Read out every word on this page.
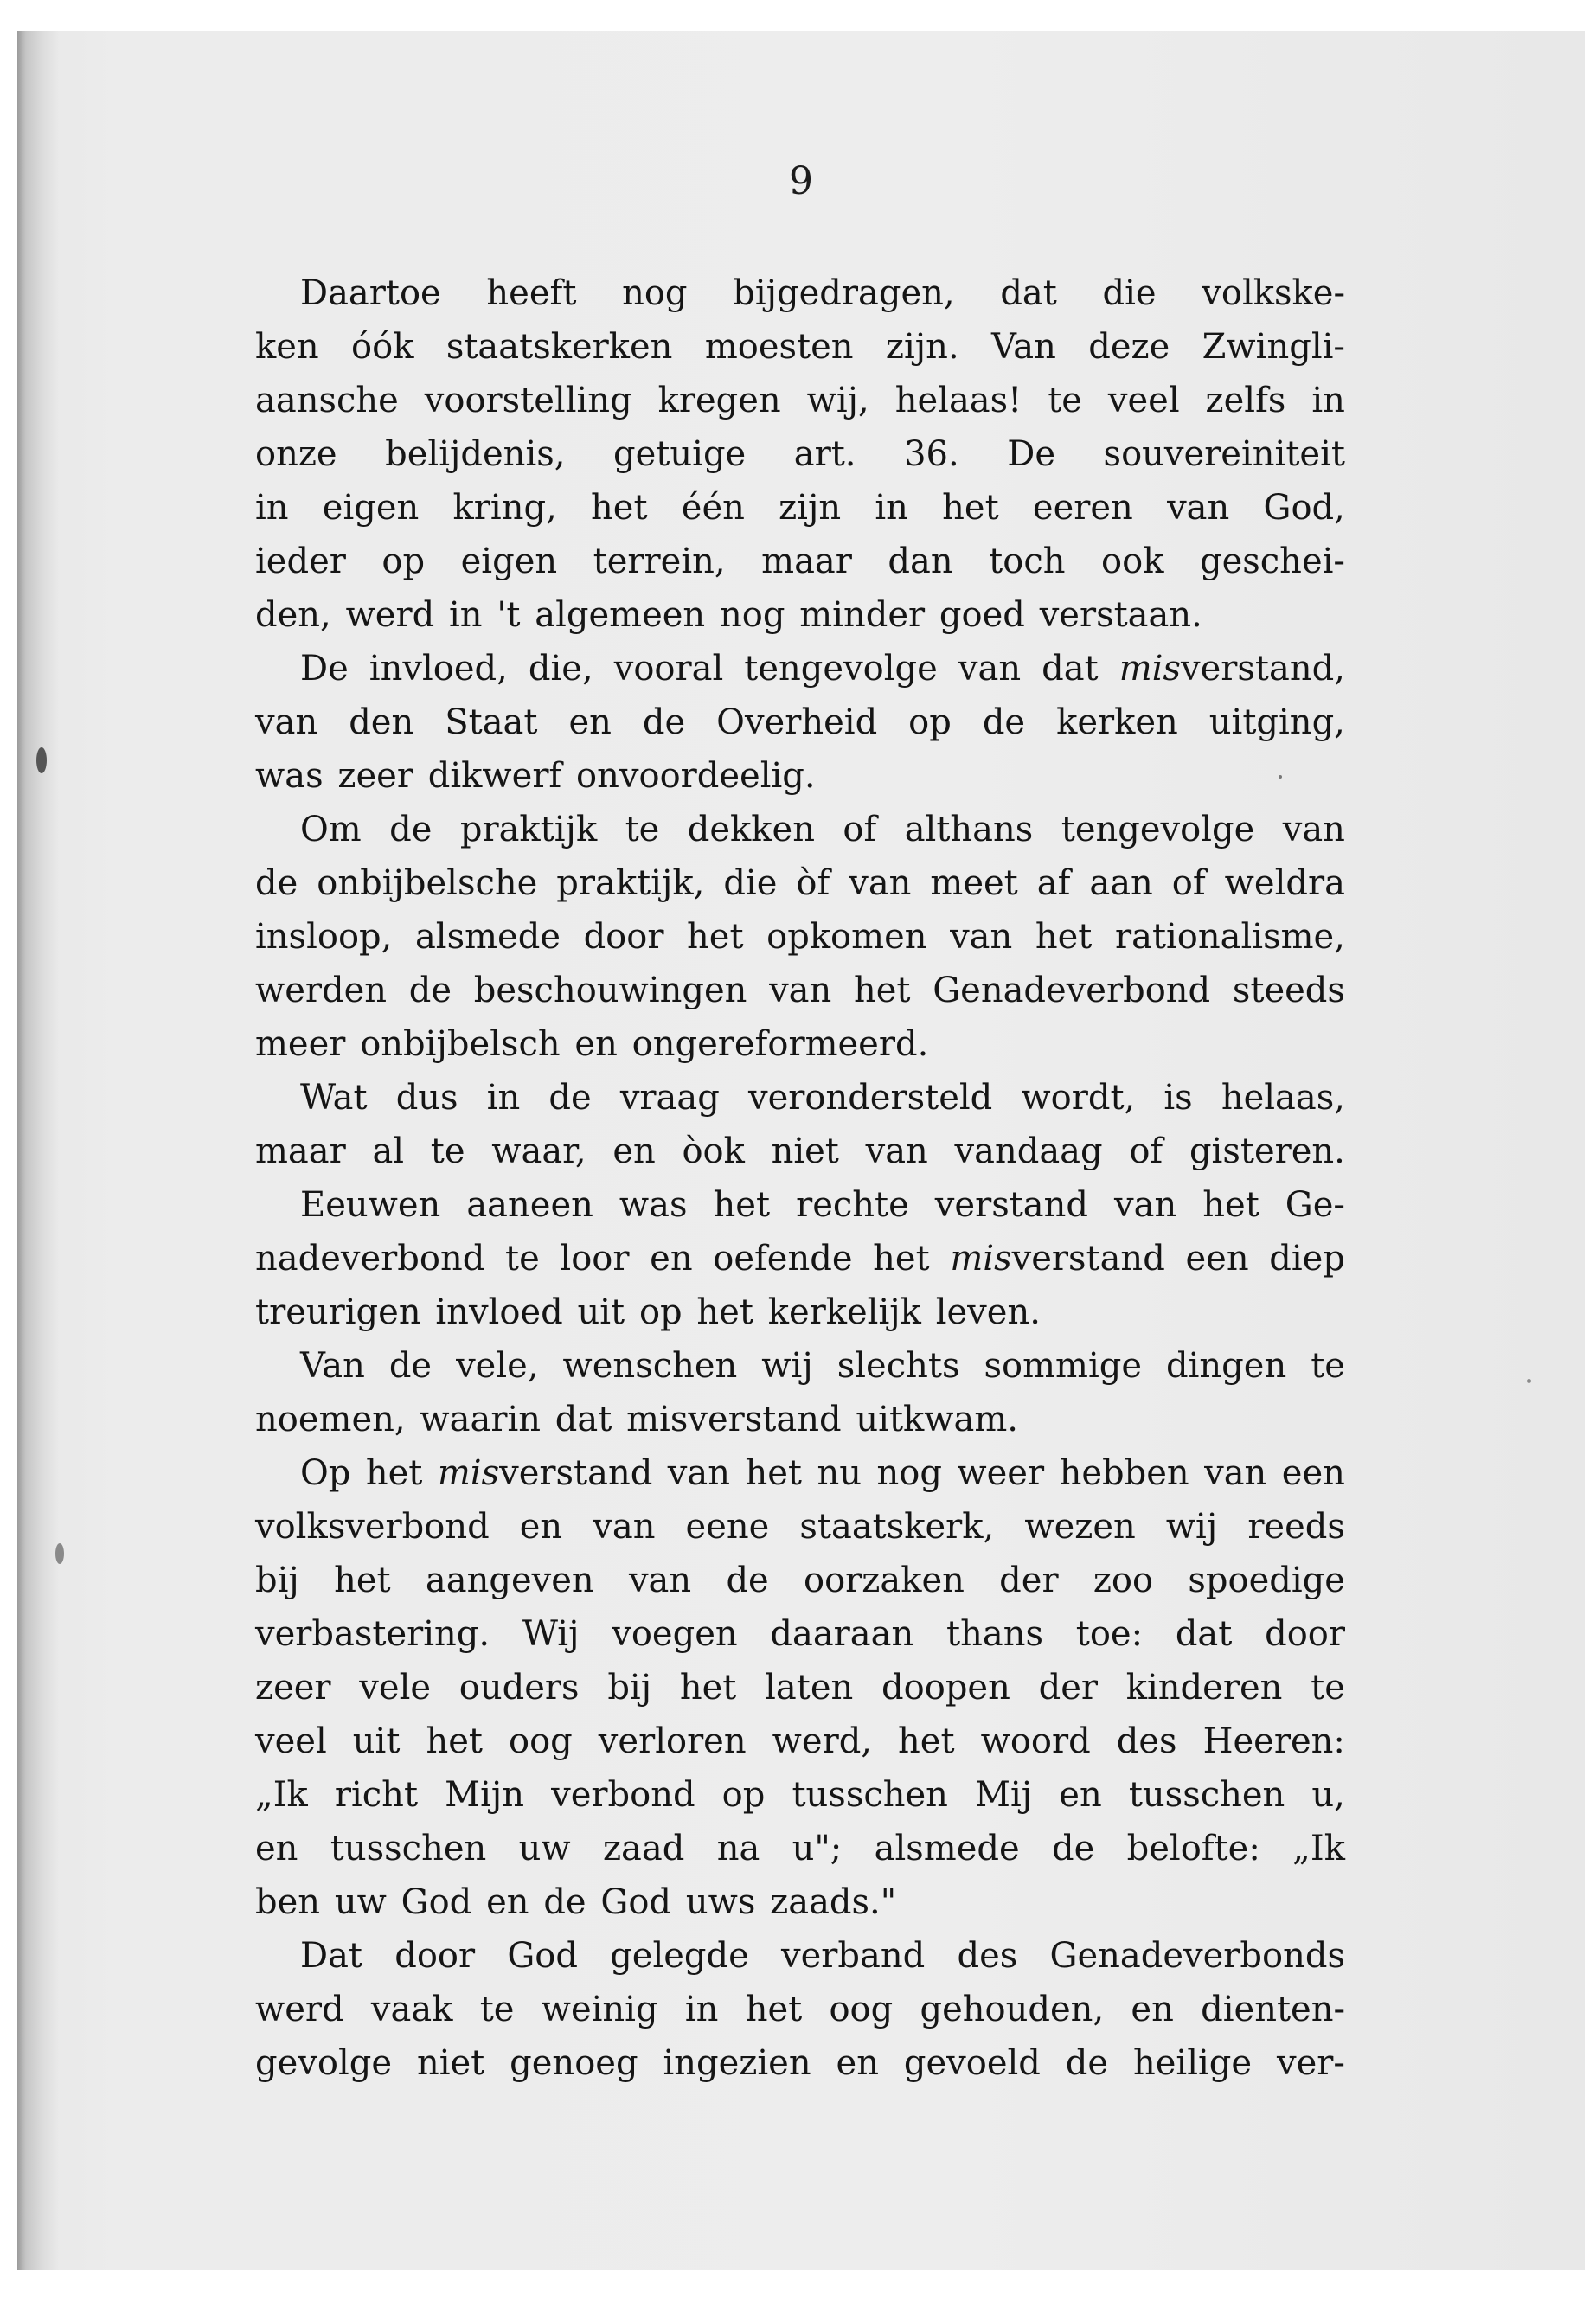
9
Daartoe heeft nog bijgedragen, dat die volkske-
ken óók staatskerken moesten zijn. Van deze Zwingli-
aansche voorstelling kregen wij, helaas! te veel zelfs in
onze belijdenis, getuige art. 36. De souvereiniteit
in eigen kring, het één zijn in het eeren van God,
ieder op eigen terrein, maar dan toch ook geschei-
den, werd in 't algemeen nog minder goed verstaan.
De invloed, die, vooral tengevolge van dat misverstand,
van den Staat en de Overheid op de kerken uitging,
was zeer dikwerf onvoordeelig.
Om de praktijk te dekken of althans tengevolge van
de onbijbelsche praktijk, die òf van meet af aan of weldra
insloop, alsmede door het opkomen van het rationalisme,
werden de beschouwingen van het Genadeverbond steeds
meer onbijbelsch en ongereformeerd.
Wat dus in de vraag verondersteld wordt, is helaas,
maar al te waar, en òok niet van vandaag of gisteren.
Eeuwen aaneen was het rechte verstand van het Ge-
nadeverbond te loor en oefende het misverstand een diep
treurigen invloed uit op het kerkelijk leven.
Van de vele, wenschen wij slechts sommige dingen te
noemen, waarin dat misverstand uitkwam.
Op het misverstand van het nu nog weer hebben van een
volksverbond en van eene staatskerk, wezen wij reeds
bij het aangeven van de oorzaken der zoo spoedige
verbastering. Wij voegen daaraan thans toe: dat door
zeer vele ouders bij het laten doopen der kinderen te
veel uit het oog verloren werd, het woord des Heeren:
„Ik richt Mijn verbond op tusschen Mij en tusschen u,
en tusschen uw zaad na u"; alsmede de belofte: „Ik
ben uw God en de God uws zaads."
Dat door God gelegde verband des Genadeverbonds
werd vaak te weinig in het oog gehouden, en dienten-
gevolge niet genoeg ingezien en gevoeld de heilige ver-
